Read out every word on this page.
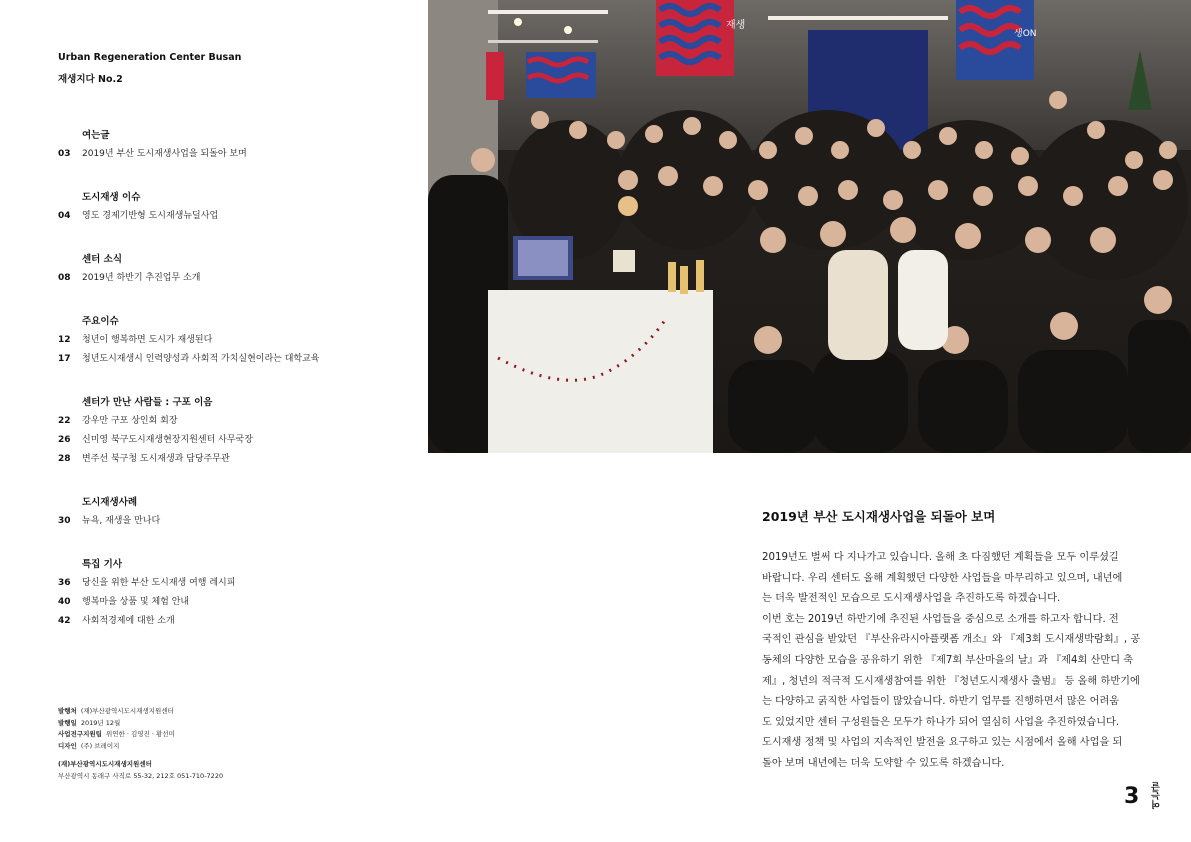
Urban Regeneration Center Busan
재생지다 No.2
여는글
03	2019년 부산 도시재생사업을 되돌아 보며
도시재생 이슈
04	영도 경제기반형 도시재생뉴딜사업
센터 소식
08	2019년 하반기 추진업무 소개
주요이슈
12	청년이 행복하면 도시가 재생된다
17	청년도시재생시 인력양성과 사회적 가치실현이라는 대학교육
센터가 만난 사람들 : 구포 이음
22	강우만 구포 상인회 회장
26	신미영 북구도시재생현장지원센터 사무국장
28	변주선 북구청 도시재생과 담당주무관
도시재생사례
30	뉴욕, 재생을 만나다
특집 기사
36	당신을 위한 부산 도시재생 여행 레시피
40	행복마을 상품 및 체험 안내
42	사회적경제에 대한 소개
발행처 (재)부산광역시도시재생지원센터
발행일 2019년 12월
사업전구지원팀 위연한 · 김영진 · 황선미
디자인 (주) 브레이지
(재)부산광역시도시재생지원센터
부산광역시 동래구 사직로 55-32, 212호 051-710-7220
재생
생ON
2019년 부산 도시재생사업을 되돌아 보며
2019년도 벌써 다 지나가고 있습니다. 올해 초 다짐했던 계획들을 모두 이루셨길
바랍니다. 우리 센터도 올해 계획했던 다양한 사업들을 마무리하고 있으며, 내년에
는 더욱 발전적인 모습으로 도시재생사업을 추진하도록 하겠습니다.
이번 호는 2019년 하반기에 추진된 사업들을 중심으로 소개를 하고자 합니다. 전
국적인 관심을 받았던 『부산유라시아플랫폼 개소』와 『제3회 도시재생박람회』, 공
동체의 다양한 모습을 공유하기 위한 『제7회 부산마을의 날』과 『제4회 산만디 축
제』, 청년의 적극적 도시재생참여를 위한 『청년도시재생사 출범』 등 올해 하반기에
는 다양하고 굵직한 사업들이 많았습니다. 하반기 업무를 진행하면서 많은 어려움
도 있었지만 센터 구성원들은 모두가 하나가 되어 열심히 사업을 추진하였습니다.
도시재생 정책 및 사업의 지속적인 발전을 요구하고 있는 시점에서 올해 사업을 되
돌아 보며 내년에는 더욱 도약할 수 있도록 하겠습니다.
3 여는글
